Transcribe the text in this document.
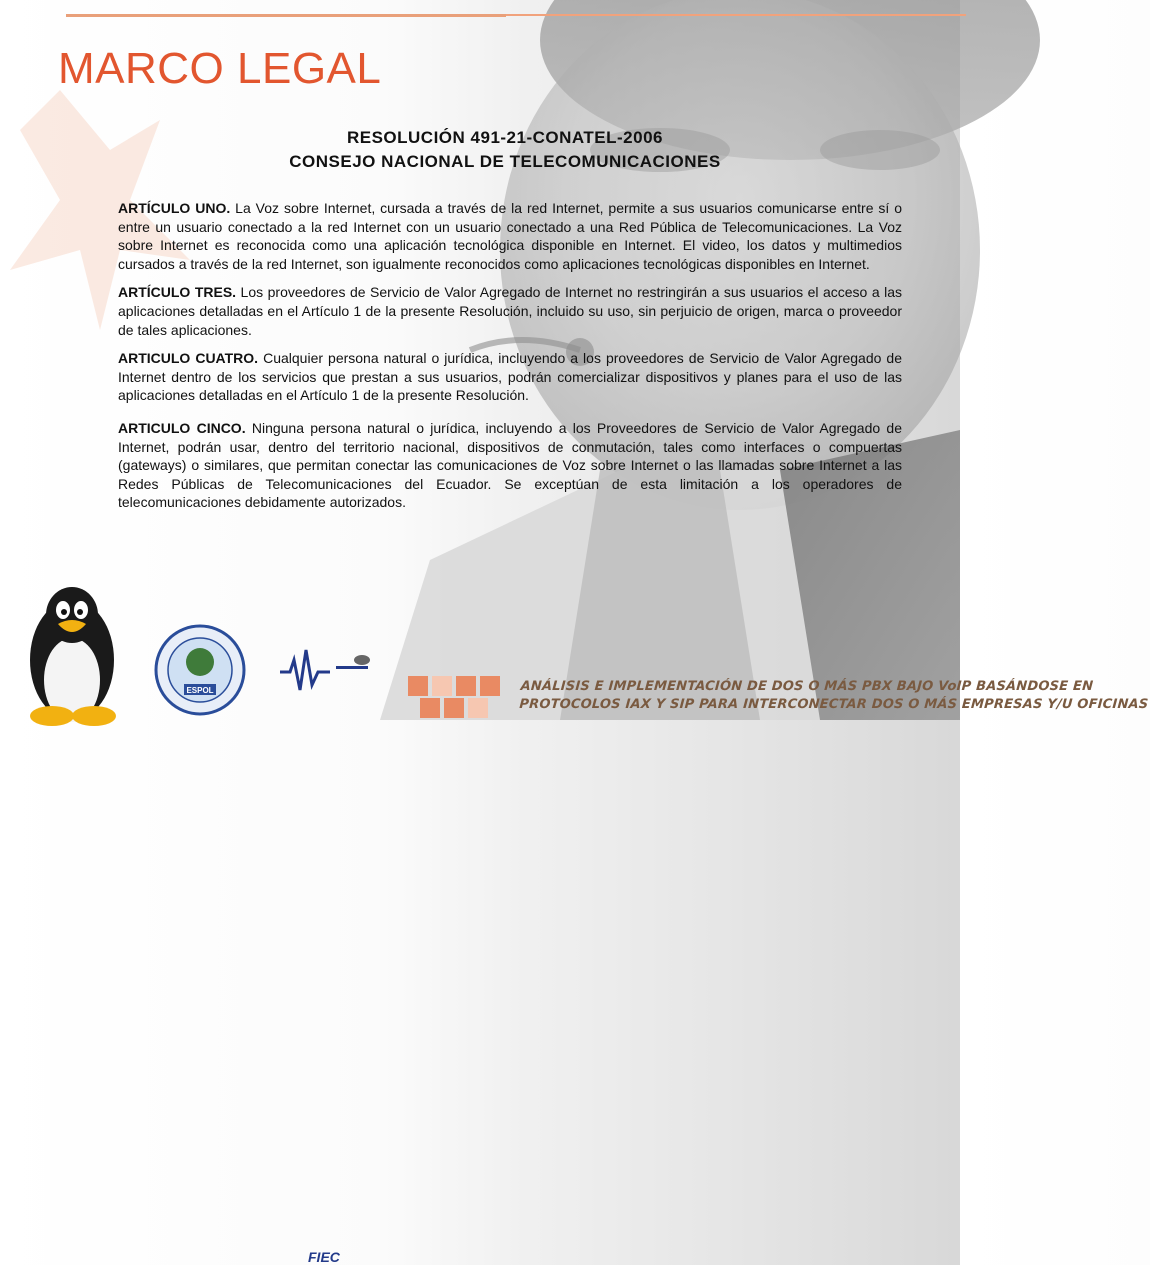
MARCO LEGAL
RESOLUCIÓN 491-21-CONATEL-2006
CONSEJO NACIONAL DE TELECOMUNICACIONES

ARTÍCULO UNO. La Voz sobre Internet, cursada a través de la red Internet, permite a sus usuarios comunicarse entre sí o entre un usuario conectado a la red Internet con un usuario conectado a una Red Pública de Telecomunicaciones. La Voz sobre Internet es reconocida como una aplicación tecnológica disponible en Internet. El video, los datos y multimedios cursados a través de la red Internet, son igualmente reconocidos como aplicaciones tecnológicas disponibles en Internet.

ARTÍCULO TRES. Los proveedores de Servicio de Valor Agregado de Internet no restringirán a sus usuarios el acceso a las aplicaciones detalladas en el Artículo 1 de la presente Resolución, incluido su uso, sin perjuicio de origen, marca o proveedor de tales aplicaciones.

ARTICULO CUATRO. Cualquier persona natural o jurídica, incluyendo a los proveedores de Servicio de Valor Agregado de Internet dentro de los servicios que prestan a sus usuarios, podrán comercializar dispositivos y planes para el uso de las aplicaciones detalladas en el Artículo 1 de la presente Resolución.

ARTICULO CINCO. Ninguna persona natural o jurídica, incluyendo a los Proveedores de Servicio de Valor Agregado de Internet, podrán usar, dentro del territorio nacional, dispositivos de conmutación, tales como interfaces o compuertas (gateways) o similares, que permitan conectar las comunicaciones de Voz sobre Internet o las llamadas sobre Internet a las Redes Públicas de Telecomunicaciones del Ecuador. Se exceptúan de esta limitación a los operadores de telecomunicaciones debidamente autorizados.

ESPOL
FIEC
ANÁLISIS E IMPLEMENTACIÓN DE DOS O MÁS PBX BAJO VoIP BASÁNDOSE EN
PROTOCOLOS IAX Y SIP PARA INTERCONECTAR DOS O MÁS EMPRESAS Y/U OFICINAS
